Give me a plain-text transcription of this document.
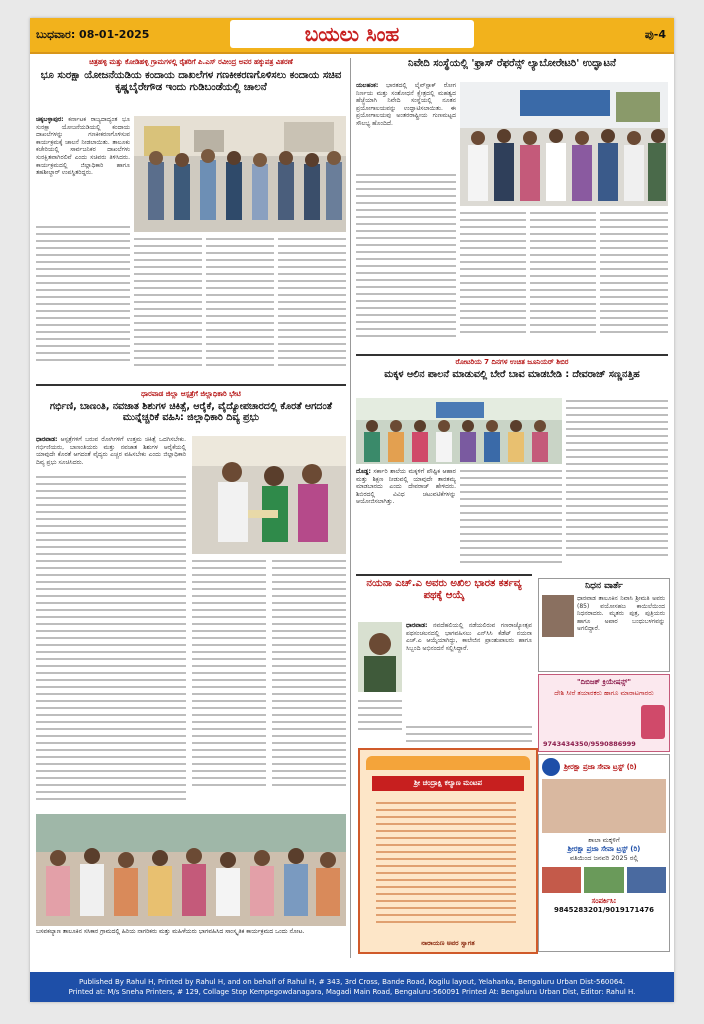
ಬುಧವಾರ: 08-01-2025	ಬಯಲು ಸಿಂಹ	ಪು-4
ಚಿತ್ರಹಳ್ಳಿ ಮತ್ತು ಕೋಡಿಹಳ್ಳಿ ಗ್ರಾಮಗಳಲ್ಲಿ ರೈತರಿಗೆ ಪಿ.ಎಸ್ ರವೀಂದ್ರ ಅವರ ಹಕ್ಕುಪತ್ರ ವಿತರಣೆ
ಭೂ ಸುರಕ್ಷಾ ಯೋಜನೆಯಡಿಯ ಕಂದಾಯ ದಾಖಲೆಗಳ ಗಣಕೀಕರಣಗೊಳಿಸಲು ಕಂದಾಯ ಸಚಿವ ಕೃಷ್ಣಬೈರೇಗೌಡ ಇಂದು ಗುಡಿಬಂಡೆಯಲ್ಲಿ ಚಾಲನೆ
ಚಿಕ್ಕಬಳ್ಳಾಪುರ: ಕರ್ನಾಟಕ ರಾಜ್ಯದಾದ್ಯಂತ ಭೂ ಸುರಕ್ಷಾ ಯೋಜನೆಯಡಿಯಲ್ಲಿ ಕಂದಾಯ ದಾಖಲೆಗಳನ್ನು ಗಣಕೀಕರಣಗೊಳಿಸುವ ಕಾರ್ಯಕ್ರಮಕ್ಕೆ ಚಾಲನೆ ನೀಡಲಾಯಿತು. ತಾಲೂಕು ಕಚೇರಿಯಲ್ಲಿ ಸಾರ್ವಜನಿಕರ ದಾಖಲೆಗಳು ಸುರಕ್ಷಿತವಾಗಿರಲಿವೆ ಎಂದು ಸಚಿವರು ತಿಳಿಸಿದರು. ಕಾರ್ಯಕ್ರಮದಲ್ಲಿ ಜಿಲ್ಲಾಧಿಕಾರಿ ಹಾಗೂ ತಹಶೀಲ್ದಾರ್ ಉಪಸ್ಥಿತರಿದ್ದರು.
ಧಾರವಾಡ ಜಿಲ್ಲಾ ಆಸ್ಪತ್ರೆಗೆ ಜಿಲ್ಲಾಧಿಕಾರಿ ಭೇಟಿ
ಗರ್ಭಿಣಿ, ಬಾಣಂತಿ, ನವಜಾತ ಶಿಶುಗಳ ಚಿಕಿತ್ಸೆ, ಆರೈಕೆ, ವೈದ್ಯೋಪಚಾರದಲ್ಲಿ ಕೊರತೆ ಆಗದಂತೆ ಮುನ್ನೆಚ್ಚರಿಕೆ ವಹಿಸಿ: ಜಿಲ್ಲಾಧಿಕಾರಿ ದಿವ್ಯ ಪ್ರಭು
ಧಾರವಾಡ: ಆಸ್ಪತ್ರೆಗಳಿಗೆ ಬರುವ ರೋಗಿಗಳಿಗೆ ಉತ್ತಮ ಚಿಕಿತ್ಸೆ ಒದಗಿಸಬೇಕು. ಗರ್ಭಿಣಿಯರು, ಬಾಣಂತಿಯರು ಮತ್ತು ನವಜಾತ ಶಿಶುಗಳ ಆರೈಕೆಯಲ್ಲಿ ಯಾವುದೇ ಕೊರತೆ ಆಗದಂತೆ ವೈದ್ಯರು ಎಚ್ಚರ ವಹಿಸಬೇಕು ಎಂದು ಜಿಲ್ಲಾಧಿಕಾರಿ ದಿವ್ಯ ಪ್ರಭು ಸೂಚಿಸಿದರು.
ಬಸವಕಲ್ಯಾಣ ತಾಲೂಕಿನ ಸಸಿಕಾರ ಗ್ರಾಮದಲ್ಲಿ ಹಿರಿಯ ನಾಗರಿಕರು ಮತ್ತು ಮಹಿಳೆಯರು ಭಾಗವಹಿಸಿದ ಸಾಂಸ್ಕೃತಿಕ ಕಾರ್ಯಕ್ರಮದ ಒಂದು ನೋಟ.
ನಿವೇದಿ ಸಂಸ್ಥೆಯಲ್ಲಿ 'ಫ್ರಾಸ್ ರೆಫರೆನ್ಸ್ ಲ್ಯಾಬೋರೇಟರಿ' ಉದ್ಘಾಟನೆ
ಯಲಹಂಕ: ಭಾರತದಲ್ಲಿ ಲೈವ್‌ಸ್ಟಾಕ್ ರೋಗ ನಿರ್ಣಯ ಮತ್ತು ಸಂಶೋಧನೆ ಕ್ಷೇತ್ರದಲ್ಲಿ ಮಹತ್ವದ ಹೆಜ್ಜೆಯಾಗಿ ನಿವೇದಿ ಸಂಸ್ಥೆಯಲ್ಲಿ ನೂತನ ಪ್ರಯೋಗಾಲಯವನ್ನು ಉದ್ಘಾಟಿಸಲಾಯಿತು. ಈ ಪ್ರಯೋಗಾಲಯವು ಅಂತರರಾಷ್ಟ್ರೀಯ ಗುಣಮಟ್ಟದ ಸೌಲಭ್ಯ ಹೊಂದಿದೆ.
ರೋಟರಿಯ 7 ದಿನಗಳ ಉಚಿತ ಜೂನಿಯರ್ ಶಿಬಿರ
ಮಕ್ಕಳ ಆಲಿನ ಪಾಲನೆ ಮಾಡುವಲ್ಲಿ ಬೇರೆ ಬಾವ ಮಾಡಬೇಡಿ : ದೇವರಾಜ್ ಸಣ್ಣನತ್ತಿಹ
ದೊಡ್ಡ: ಸರ್ಕಾರಿ ಶಾಲೆಯ ಮಕ್ಕಳಿಗೆ ಪೌಷ್ಟಿಕ ಆಹಾರ ಮತ್ತು ಶಿಕ್ಷಣ ನೀಡುವಲ್ಲಿ ಯಾವುದೇ ತಾರತಮ್ಯ ಮಾಡಬಾರದು ಎಂದು ದೇವರಾಜ್ ಹೇಳಿದರು. ಶಿಬಿರದಲ್ಲಿ ವಿವಿಧ ಚಟುವಟಿಕೆಗಳನ್ನು ಆಯೋಜಿಸಲಾಗಿತ್ತು.
ನಯನಾ ಎಚ್.ಎ ಅವರು ಅಖಿಲ ಭಾರತ ಕರ್ತವ್ಯ ಪಥಕ್ಕೆ ಆಯ್ಕೆ
ಧಾರವಾಡ: ನವದೆಹಲಿಯಲ್ಲಿ ನಡೆಯಲಿರುವ ಗಣರಾಜ್ಯೋತ್ಸವ ಪಥಸಂಚಲನದಲ್ಲಿ ಭಾಗವಹಿಸಲು ಎನ್‌ಸಿಸಿ ಕೆಡೆಟ್ ನಯನಾ ಎಚ್.ಎ ಆಯ್ಕೆಯಾಗಿದ್ದು, ಕಾಲೇಜಿನ ಪ್ರಾಂಶುಪಾಲರು ಹಾಗೂ ಸಿಬ್ಬಂದಿ ಅಭಿನಂದನೆ ಸಲ್ಲಿಸಿದ್ದಾರೆ.
ನಿಧನ ವಾರ್ತೆ
ಧಾರವಾಡ ತಾಲೂಕಿನ ನಿವಾಸಿ ಶ್ರೀಮತಿ ಅವರು (85) ವಯೋಸಹಜ ಕಾಯಿಲೆಯಿಂದ ನಿಧನರಾದರು. ಮೃತರು ಪುತ್ರ, ಪುತ್ರಿಯರು ಹಾಗೂ ಅಪಾರ ಬಂಧುಬಳಗವನ್ನು ಅಗಲಿದ್ದಾರೆ.
"ದಿಬಿಜಕ್ ಕ್ರಿಯೇಷನ್ಸ್"
ದೇಶಿ ಸೀರೆ ತಯಾರಕರು ಹಾಗೂ ಮಾರಾಟಗಾರರು
9743434350/9590886999
ಶ್ರೀ ಚಂದ್ರಾಕ್ಷಿ ಕಲ್ಯಾಣ ಮಂಟಪ
ನಾರಾಯಣ ಅವರ ಸ್ವಾಗತ
ಶ್ರೀರಕ್ಷಾ ಪ್ರಜಾ ಸೇವಾ ಟ್ರಸ್ಟ್ (ರಿ)
ಶಾಲಾ ಮಕ್ಕಳಿಗೆ
ಶ್ರೀರಕ್ಷಾ ಪ್ರಜಾ ಸೇವಾ ಟ್ರಸ್ಟ್ (ರಿ)
ವತಿಯಿಂದ ಜನವರಿ 2025 ರಲ್ಲಿ
ಸಂಪರ್ಕಿಸಿ:
9845283201/9019171476
Published By Rahul H, Printed by Rahul H, and on behalf of Rahul H, # 343, 3rd Cross, Bande Road, Kogilu layout, Yelahanka, Bengaluru Urban Dist-560064.
Printed at: M/s Sneha Printers, # 129, Collage Stop Kempegowdanagara, Magadi Main Road, Bengaluru-560091 Printed At: Bengaluru Urban Dist, Editor: Rahul H.
